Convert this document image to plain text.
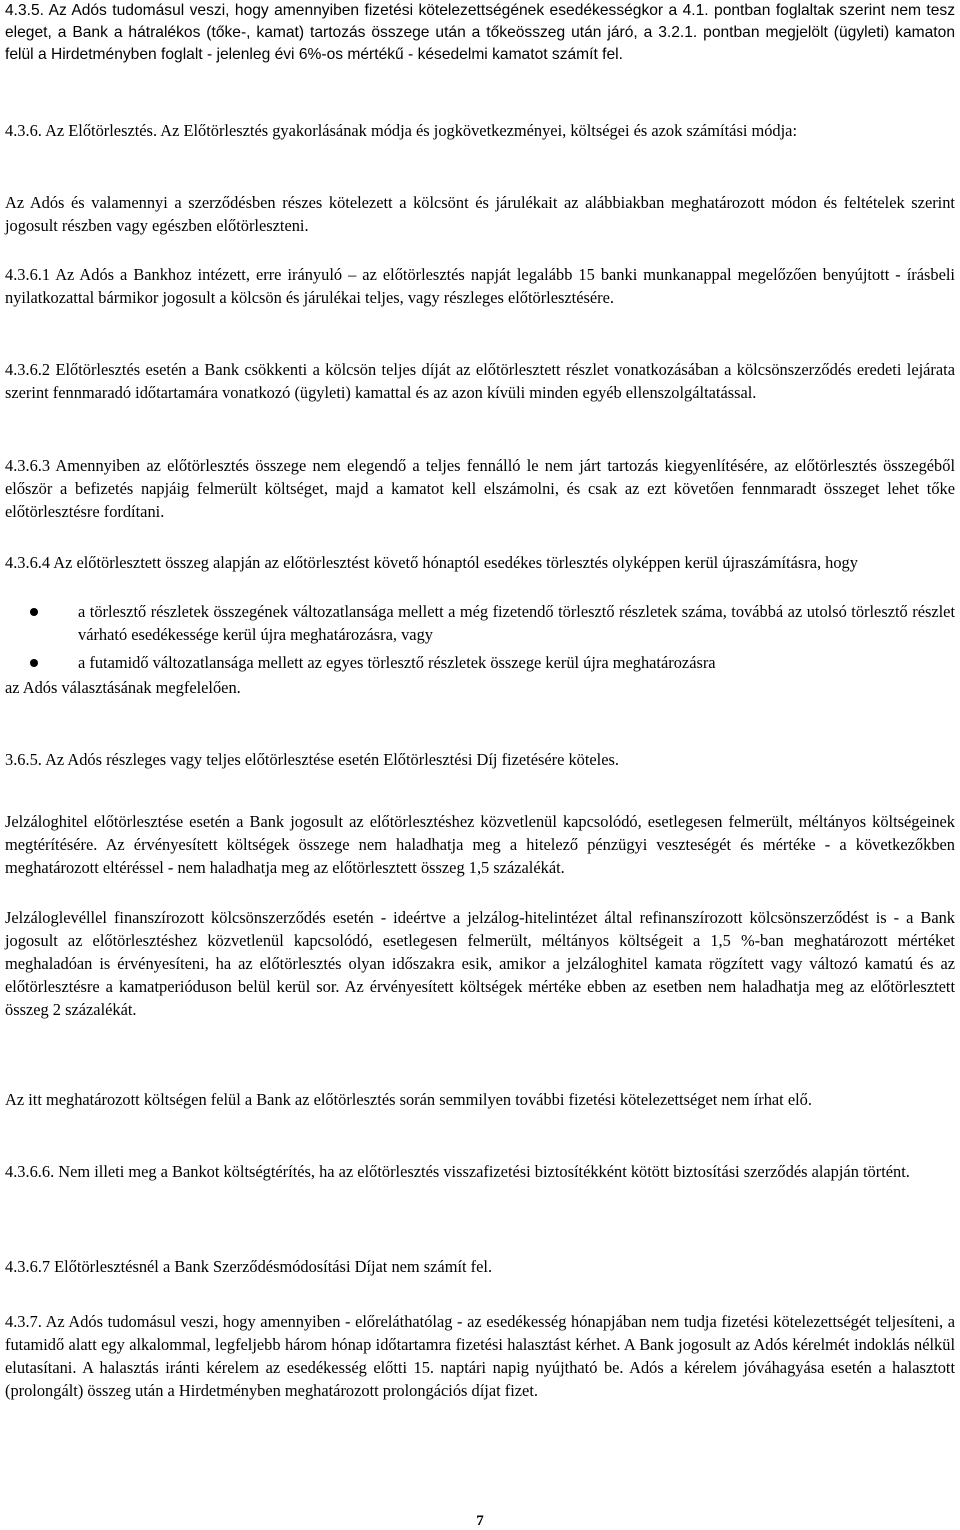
4.3.5. Az Adós tudomásul veszi, hogy amennyiben fizetési kötelezettségének esedékességkor a 4.1. pontban foglaltak szerint nem tesz eleget, a Bank a hátralékos (tőke-, kamat) tartozás összege után a tőkeösszeg után járó, a 3.2.1. pontban megjelölt (ügyleti) kamaton felül a Hirdetményben foglalt - jelenleg évi 6%-os mértékű - késedelmi kamatot számít fel.

4.3.6. Az Előtörlesztés. Az Előtörlesztés gyakorlásának módja és jogkövetkezményei, költségei és azok számítási módja:

Az Adós és valamennyi a szerződésben részes kötelezett a kölcsönt és járulékait az alábbiakban meghatározott módon és feltételek szerint jogosult részben vagy egészben előtörleszteni.

4.3.6.1 Az Adós a Bankhoz intézett, erre irányuló – az előtörlesztés napját legalább 15 banki munkanappal megelőzően benyújtott - írásbeli nyilatkozattal bármikor jogosult a kölcsön és járulékai teljes, vagy részleges előtörlesztésére.

4.3.6.2 Előtörlesztés esetén a Bank csökkenti a kölcsön teljes díját az előtörlesztett részlet vonatkozásában a kölcsönszerződés eredeti lejárata szerint fennmaradó időtartamára vonatkozó (ügyleti) kamattal és az azon kívüli minden egyéb ellenszolgáltatással.

4.3.6.3 Amennyiben az előtörlesztés összege nem elegendő a teljes fennálló le nem járt tartozás kiegyenlítésére, az előtörlesztés összegéből először a befizetés napjáig felmerült költséget, majd a kamatot kell elszámolni, és csak az ezt követően fennmaradt összeget lehet tőke előtörlesztésre fordítani.

4.3.6.4 Az előtörlesztett összeg alapján az előtörlesztést követő hónaptól esedékes törlesztés olyképpen kerül újraszámításra, hogy

a törlesztő részletek összegének változatlansága mellett a még fizetendő törlesztő részletek száma, továbbá az utolsó törlesztő részlet várható esedékessége kerül újra meghatározásra, vagy

a futamidő változatlansága mellett az egyes törlesztő részletek összege kerül újra meghatározásra

az Adós választásának megfelelően.

3.6.5. Az Adós részleges vagy teljes előtörlesztése esetén Előtörlesztési Díj fizetésére köteles.

Jelzáloghitel előtörlesztése esetén a Bank jogosult az előtörlesztéshez közvetlenül kapcsolódó, esetlegesen felmerült, méltányos költségeinek megtérítésére. Az érvényesített költségek összege nem haladhatja meg a hitelező pénzügyi veszteségét és mértéke - a következőkben meghatározott eltéréssel - nem haladhatja meg az előtörlesztett összeg 1,5 százalékát.

Jelzáloglevéllel finanszírozott kölcsönszerződés esetén - ideértve a jelzálog-hitelintézet által refinanszírozott kölcsönszerződést is - a Bank jogosult az előtörlesztéshez közvetlenül kapcsolódó, esetlegesen felmerült, méltányos költségeit a 1,5 %-ban meghatározott mértéket meghaladóan is érvényesíteni, ha az előtörlesztés olyan időszakra esik, amikor a jelzáloghitel kamata rögzített vagy változó kamatú és az előtörlesztésre a kamatperióduson belül kerül sor. Az érvényesített költségek mértéke ebben az esetben nem haladhatja meg az előtörlesztett összeg 2 százalékát.

Az itt meghatározott költségen felül a Bank az előtörlesztés során semmilyen további fizetési kötelezettséget nem írhat elő.

4.3.6.6. Nem illeti meg a Bankot költségtérítés, ha az előtörlesztés visszafizetési biztosítékként kötött biztosítási szerződés alapján történt.

4.3.6.7 Előtörlesztésnél a Bank Szerződésmódosítási Díjat nem számít fel.

4.3.7. Az Adós tudomásul veszi, hogy amennyiben - előreláthatólag - az esedékesség hónapjában nem tudja fizetési kötelezettségét teljesíteni, a futamidő alatt egy alkalommal, legfeljebb három hónap időtartamra fizetési halasztást kérhet. A Bank jogosult az Adós kérelmét indoklás nélkül elutasítani. A halasztás iránti kérelem az esedékesség előtti 15. naptári napig nyújtható be. Adós a kérelem jóváhagyása esetén a halasztott (prolongált) összeg után a Hirdetményben meghatározott prolongációs díjat fizet.

7
